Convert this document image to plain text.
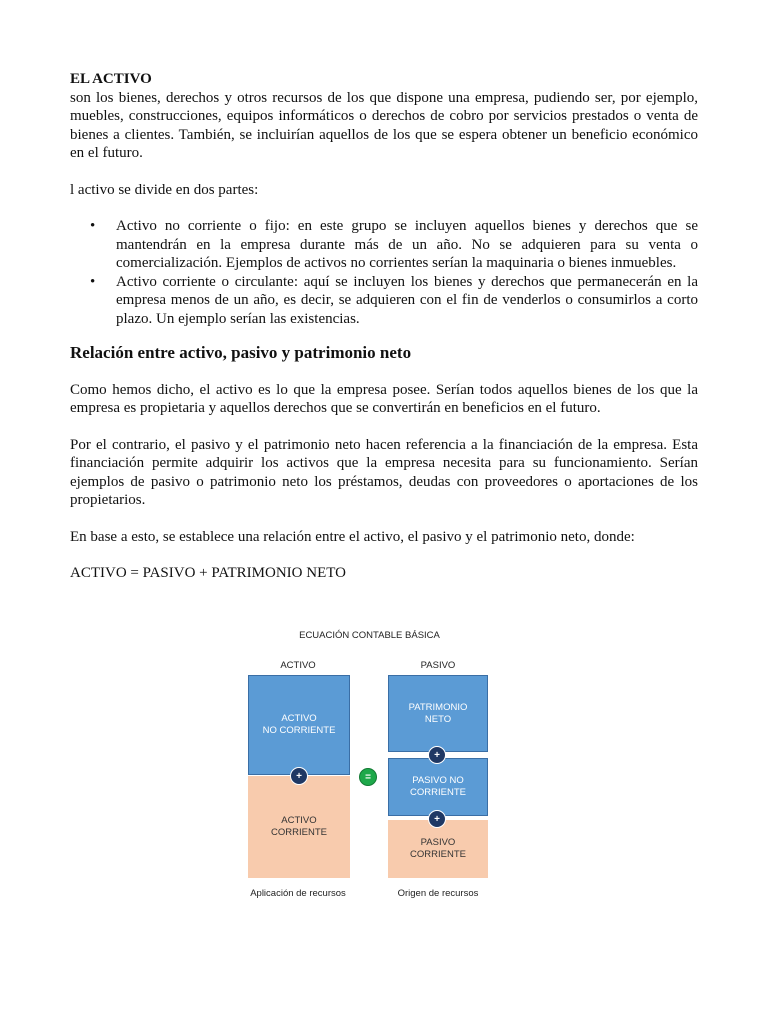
EL ACTIVO

son los bienes, derechos y otros recursos de los que dispone una empresa, pudiendo ser, por ejemplo, muebles, construcciones, equipos informáticos o derechos de cobro por servicios prestados o venta de bienes a clientes. También, se incluirían aquellos de los que se espera obtener un beneficio económico en el futuro.

l activo se divide en dos partes:

• Activo no corriente o fijo: en este grupo se incluyen aquellos bienes y derechos que se mantendrán en la empresa durante más de un año. No se adquieren para su venta o comercialización. Ejemplos de activos no corrientes serían la maquinaria o bienes inmuebles.
• Activo corriente o circulante: aquí se incluyen los bienes y derechos que permanecerán en la empresa menos de un año, es decir, se adquieren con el fin de venderlos o consumirlos a corto plazo. Un ejemplo serían las existencias.

Relación entre activo, pasivo y patrimonio neto

Como hemos dicho, el activo es lo que la empresa posee. Serían todos aquellos bienes de los que la empresa es propietaria y aquellos derechos que se convertirán en beneficios en el futuro.

Por el contrario, el pasivo y el patrimonio neto hacen referencia a la financiación de la empresa. Esta financiación permite adquirir los activos que la empresa necesita para su funcionamiento. Serían ejemplos de pasivo o patrimonio neto los préstamos, deudas con proveedores o aportaciones de los propietarios.

En base a esto, se establece una relación entre el activo, el pasivo y el patrimonio neto, donde:

ACTIVO = PASIVO + PATRIMONIO NETO

ECUACIÓN CONTABLE BÁSICA
ACTIVO	PASIVO
ACTIVO
NO CORRIENTE
ACTIVO
CORRIENTE
+	=
PATRIMONIO
NETO
PASIVO NO
CORRIENTE
PASIVO
CORRIENTE
+
+
Aplicación de recursos	Origen de recursos
